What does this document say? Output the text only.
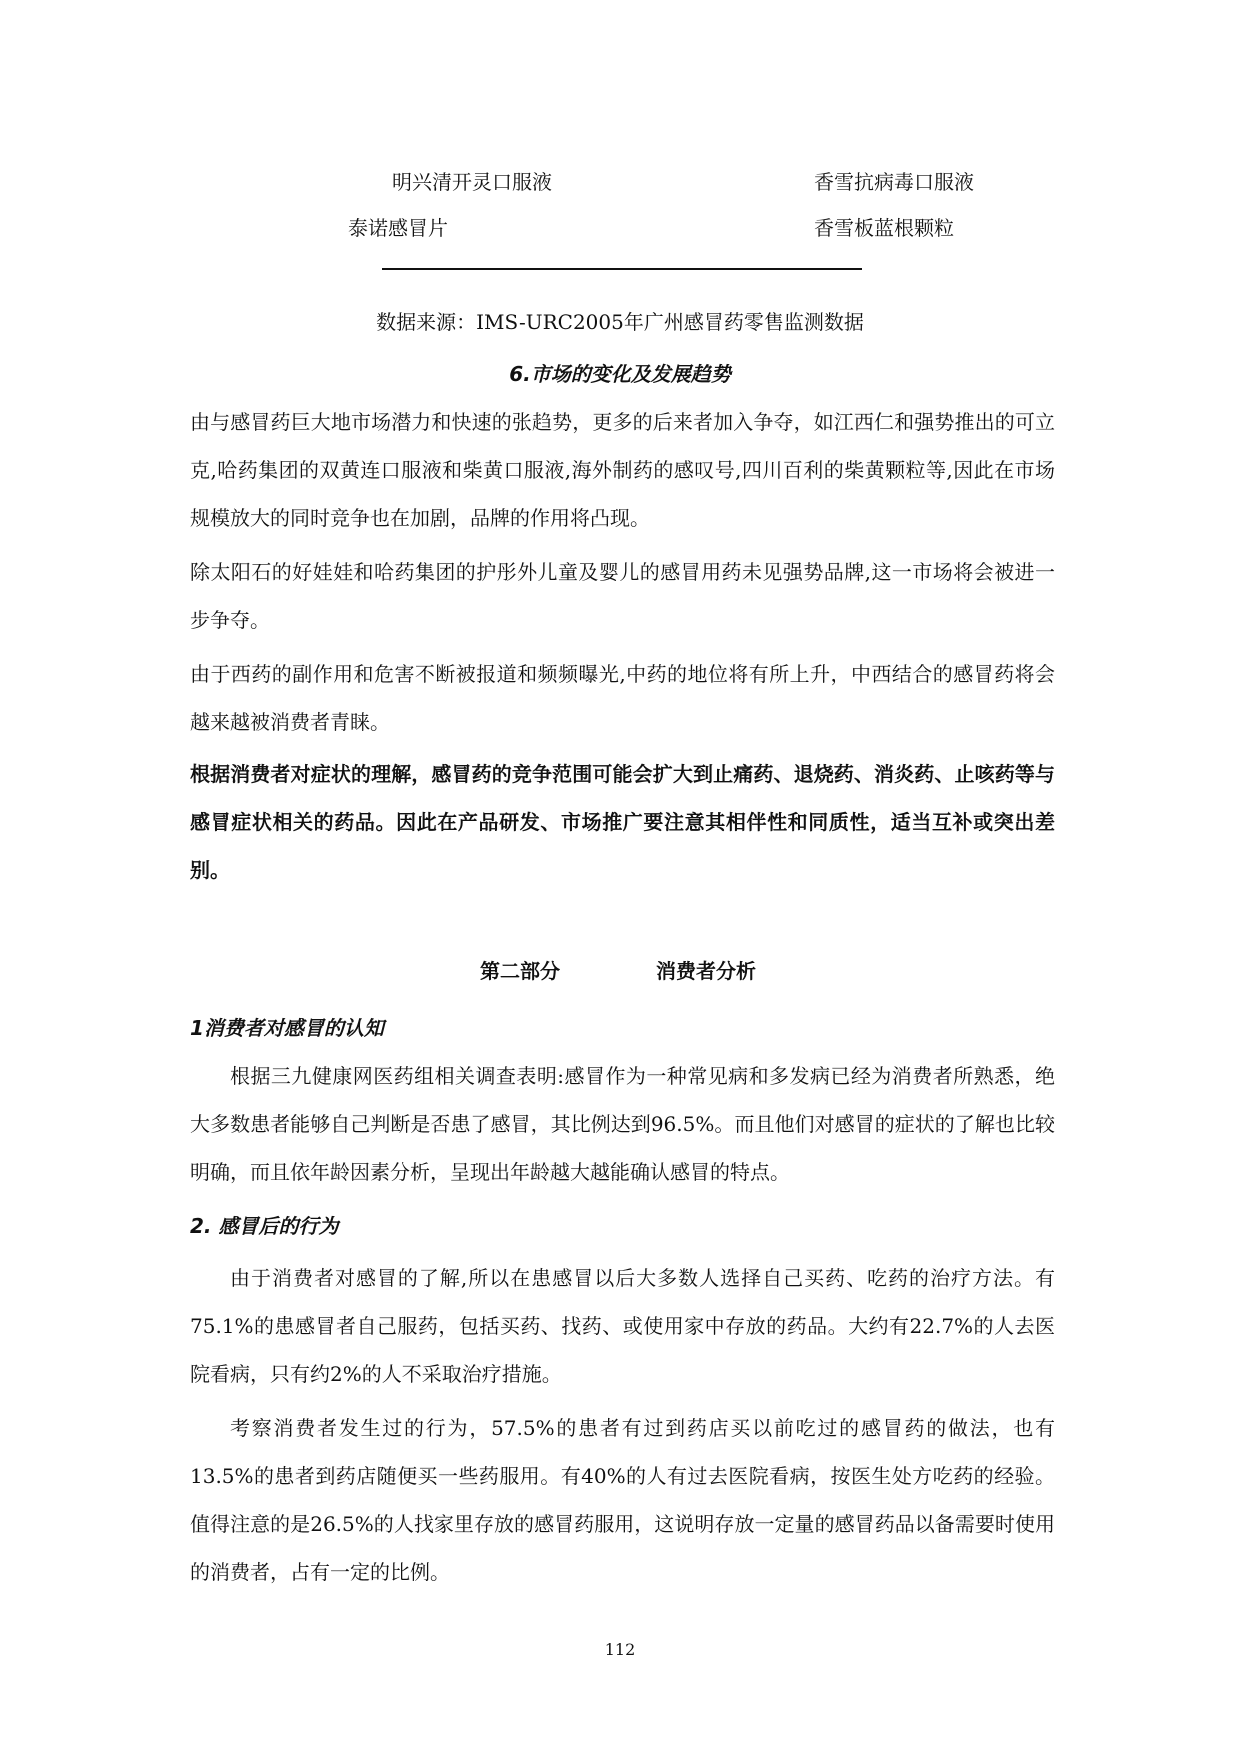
明兴清开灵口服液	香雪抗病毒口服液
泰诺感冒片	香雪板蓝根颗粒
数据来源：IMS-URC2005年广州感冒药零售监测数据
6.市场的变化及发展趋势

由与感冒药巨大地市场潜力和快速的张趋势，更多的后来者加入争夺，如江西仁和强势推出的可立克,哈药集团的双黄连口服液和柴黄口服液,海外制药的感叹号,四川百利的柴黄颗粒等,因此在市场规模放大的同时竞争也在加剧，品牌的作用将凸现。

除太阳石的好娃娃和哈药集团的护彤外儿童及婴儿的感冒用药未见强势品牌,这一市场将会被进一步争夺。

由于西药的副作用和危害不断被报道和频频曝光,中药的地位将有所上升，中西结合的感冒药将会越来越被消费者青睐。

根据消费者对症状的理解，感冒药的竞争范围可能会扩大到止痛药、退烧药、消炎药、止咳药等与感冒症状相关的药品。因此在产品研发、市场推广要注意其相伴性和同质性，适当互补或突出差别。

第二部分	消费者分析
1消费者对感冒的认知

根据三九健康网医药组相关调查表明:感冒作为一种常见病和多发病已经为消费者所熟悉，绝大多数患者能够自己判断是否患了感冒，其比例达到96.5%。而且他们对感冒的症状的了解也比较明确，而且依年龄因素分析，呈现出年龄越大越能确认感冒的特点。

2. 感冒后的行为

由于消费者对感冒的了解,所以在患感冒以后大多数人选择自己买药、吃药的治疗方法。有75.1%的患感冒者自己服药，包括买药、找药、或使用家中存放的药品。大约有22.7%的人去医院看病，只有约2%的人不采取治疗措施。

考察消费者发生过的行为，57.5%的患者有过到药店买以前吃过的感冒药的做法，也有13.5%的患者到药店随便买一些药服用。有40%的人有过去医院看病，按医生处方吃药的经验。值得注意的是26.5%的人找家里存放的感冒药服用，这说明存放一定量的感冒药品以备需要时使用的消费者，占有一定的比例。

112
